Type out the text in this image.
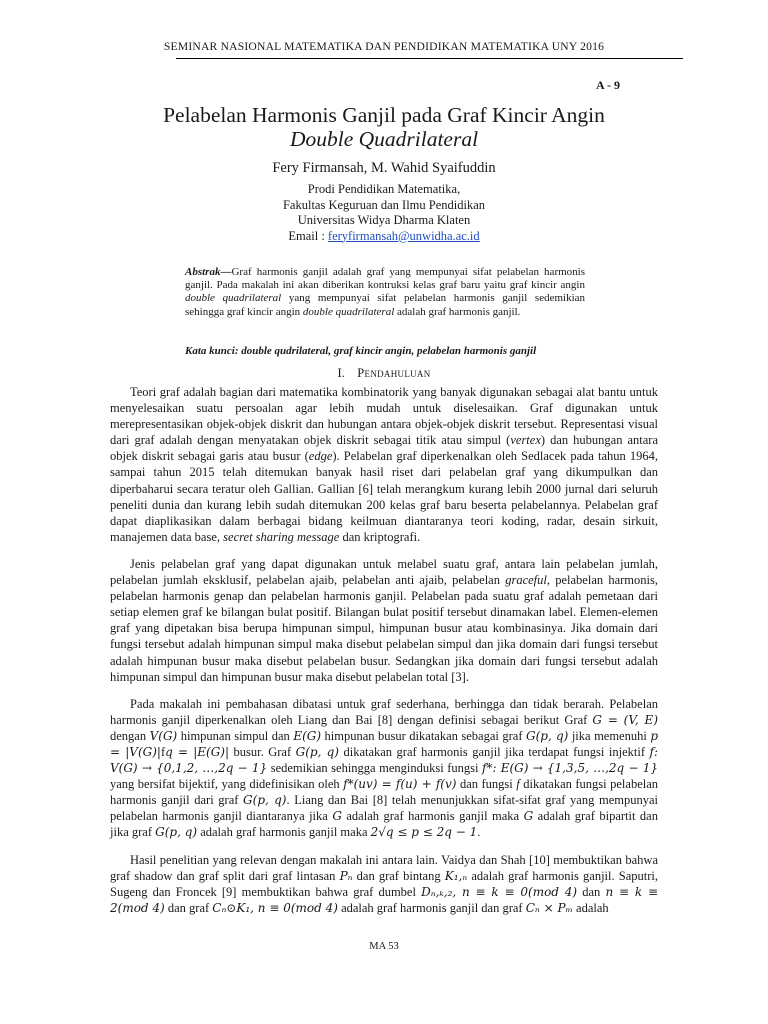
SEMINAR NASIONAL MATEMATIKA DAN PENDIDIKAN MATEMATIKA UNY 2016
A - 9
Pelabelan Harmonis Ganjil pada Graf Kincir Angin
Double Quadrilateral
Fery Firmansah, M. Wahid Syaifuddin
Prodi Pendidikan Matematika,
Fakultas Keguruan dan Ilmu Pendidikan
Universitas Widya Dharma Klaten
Email : feryfirmansah@unwidha.ac.id
Abstrak—Graf harmonis ganjil adalah graf yang mempunyai sifat pelabelan harmonis ganjil. Pada makalah ini akan diberikan kontruksi kelas graf baru yaitu graf kincir angin double quadrilateral yang mempunyai sifat pelabelan harmonis ganjil sedemikian sehingga graf kincir angin double quadrilateral adalah graf harmonis ganjil.
Kata kunci: double qudrilateral, graf kincir angin, pelabelan harmonis ganjil
I. Pendahuluan

Teori graf adalah bagian dari matematika kombinatorik yang banyak digunakan sebagai alat bantu untuk menyelesaikan suatu persoalan agar lebih mudah untuk diselesaikan. Graf digunakan untuk merepresentasikan objek-objek diskrit dan hubungan antara objek-objek diskrit tersebut. Representasi visual dari graf adalah dengan menyatakan objek diskrit sebagai titik atau simpul (vertex) dan hubungan antara objek diskrit sebagai garis atau busur (edge). Pelabelan graf diperkenalkan oleh Sedlacek pada tahun 1964, sampai tahun 2015 telah ditemukan banyak hasil riset dari pelabelan graf yang dikumpulkan dan diperbaharui secara teratur oleh Gallian. Gallian [6] telah merangkum kurang lebih 2000 jurnal dari seluruh peneliti dunia dan kurang lebih sudah ditemukan 200 kelas graf baru beserta pelabelannya. Pelabelan graf dapat diaplikasikan dalam berbagai bidang keilmuan diantaranya teori koding, radar, desain sirkuit, manajemen data base, secret sharing message dan kriptografi.

Jenis pelabelan graf yang dapat digunakan untuk melabel suatu graf, antara lain pelabelan jumlah, pelabelan jumlah eksklusif, pelabelan ajaib, pelabelan anti ajaib, pelabelan graceful, pelabelan harmonis, pelabelan harmonis genap dan pelabelan harmonis ganjil. Pelabelan pada suatu graf adalah pemetaan dari setiap elemen graf ke bilangan bulat positif. Bilangan bulat positif tersebut dinamakan label. Elemen-elemen graf yang dipetakan bisa berupa himpunan simpul, himpunan busur atau kombinasinya. Jika domain dari fungsi tersebut adalah himpunan simpul maka disebut pelabelan simpul dan jika domain dari fungsi tersebut adalah himpunan busur maka disebut pelabelan busur. Sedangkan jika domain dari fungsi tersebut adalah himpunan simpul dan himpunan busur maka disebut pelabelan total [3].

Pada makalah ini pembahasan dibatasi untuk graf sederhana, berhingga dan tidak berarah. Pelabelan harmonis ganjil diperkenalkan oleh Liang dan Bai [8] dengan definisi sebagai berikut Graf G = (V, E) dengan V(G) himpunan simpul dan E(G) himpunan busur dikatakan sebagai graf G(p, q) jika memenuhi p = |V(G)|fq = |E(G)| busur. Graf G(p, q) dikatakan graf harmonis ganjil jika terdapat fungsi injektif f: V(G) → {0,1,2, …,2q − 1} sedemikian sehingga menginduksi fungsi f*: E(G) → {1,3,5, …,2q − 1} yang bersifat bijektif, yang didefinisikan oleh f*(uv) = f(u) + f(v) dan fungsi f dikatakan fungsi pelabelan harmonis ganjil dari graf G(p, q). Liang dan Bai [8] telah menunjukkan sifat-sifat graf yang mempunyai pelabelan harmonis ganjil diantaranya jika G adalah graf harmonis ganjil maka G adalah graf bipartit dan jika graf G(p, q) adalah graf harmonis ganjil maka 2√q ≤ p ≤ 2q − 1.

Hasil penelitian yang relevan dengan makalah ini antara lain. Vaidya dan Shah [10] membuktikan bahwa graf shadow dan graf split dari graf lintasan Pₙ dan graf bintang K₁,ₙ adalah graf harmonis ganjil. Saputri, Sugeng dan Froncek [9] membuktikan bahwa graf dumbel Dₙ,ₖ,₂, n ≡ k ≡ 0(mod 4) dan n ≡ k ≡ 2(mod 4) dan graf Cₙ⊙K₁, n ≡ 0(mod 4) adalah graf harmonis ganjil dan graf Cₙ × Pₘ adalah

MA 53
